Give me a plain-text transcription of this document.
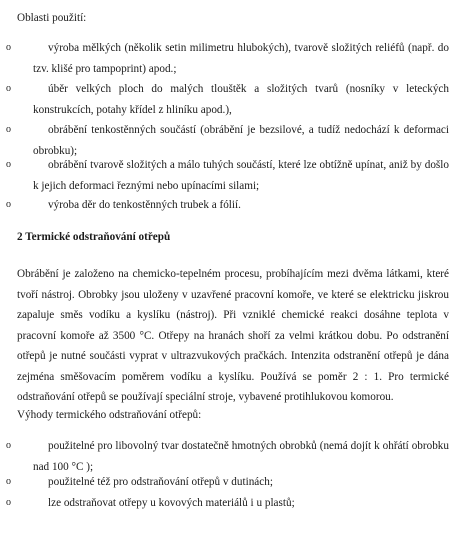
Oblasti použití:

o	výroba mělkých (několik setin milimetru hlubokých), tvarově složitých reliéfů (např. do tzv. klišé pro tampoprint) apod.;

o	úběr velkých ploch do malých tlouštěk a složitých tvarů (nosníky v leteckých konstrukcích, potahy křídel z hliníku apod.),

o	obrábění tenkostěnných součástí (obrábění je bezsilové, a tudíž nedochází k deformaci obrobku);

o	obrábění tvarově složitých a málo tuhých součástí, které lze obtížně upínat, aniž by došlo k jejich deformaci řeznými nebo upínacími silami;

o	výroba děr do tenkostěnných trubek a fólií.

2 Termické odstraňování otřepů

Obrábění je založeno na chemicko-tepelném procesu, probíhajícím mezi dvěma látkami, které tvoří nástroj. Obrobky jsou uloženy v uzavřené pracovní komoře, ve které se elektricku jiskrou zapaluje směs vodíku a kyslíku (nástroj). Při vzniklé chemické reakci dosáhne teplota v pracovní komoře až 3500 °C. Otřepy na hranách shoří za velmi krátkou dobu. Po odstranění otřepů je nutné součásti vyprat v ultrazvukových pračkách. Intenzita odstranění otřepů je dána zejména směšovacím poměrem vodíku a kyslíku. Používá se poměr 2 : 1. Pro termické odstraňování otřepů se používají speciální stroje, vybavené protihlukovou komorou.

Výhody termického odstraňování otřepů:

o	použitelné pro libovolný tvar dostatečně hmotných obrobků (nemá dojít k ohřátí obrobku nad 100 °C );

o	použitelné též pro odstraňování otřepů v dutinách;

o	lze odstraňovat otřepy u kovových materiálů i u plastů;
